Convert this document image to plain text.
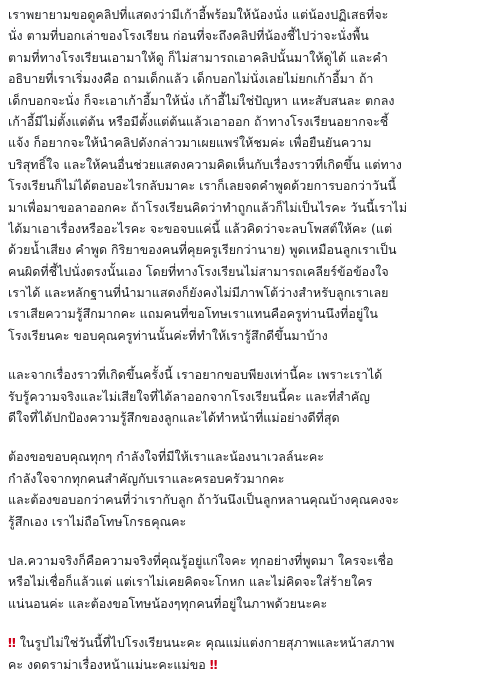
เราพยายามขอดูคลิปที่แสดงว่ามีเก้าอี้พร้อมให้น้องนั่ง แต่น้องปฏิเสธที่จะ
นั่ง ตามที่บอกเล่าของโรงเรียน ก่อนที่จะถึงคลิปที่น้องชี้ไปว่าจะนั่งพื้น
ตามที่ทางโรงเรียนเอามาให้ดู ก็ไม่สามารถเอาคลิปนั้นมาให้ดูได้ และคำ
อธิบายที่เราเริ่มงงคือ ถามเด็กแล้ว เด็กบอกไม่นั่งเลยไม่ยกเก้าอี้มา ถ้า
เด็กบอกจะนั่ง ก็จะเอาเก้าอี้มาให้นั่ง เก้าอี้ไม่ใช่ปัญหา แหะสับสนละ ตกลง
เก้าอี้มีไม่ตั้งแต่ต้น หรือมีตั้งแต่ต้นแล้วเอาออก ถ้าทางโรงเรียนอยากจะชี้
แจ้ง ก็อยากจะให้นำคลิปดังกล่าวมาเผยแพร่ให้ชมค่ะ เพื่อยืนยันความ
บริสุทธิ์ใจ และให้คนอื่นช่วยแสดงความคิดเห็นกับเรื่องราวที่เกิดขึ้น แต่ทาง
โรงเรียนก็ไม่ได้ตอบอะไรกลับมาคะ เราก็เลยจดคำพูดด้วยการบอกว่าวันนี้
มาเพื่อมาขอลาออกคะ ถ้าโรงเรียนคิดว่าทำถูกแล้วก็ไม่เป็นไรคะ วันนี้เราไม่
ได้มาเอาเรื่องหรืออะไรคะ จะขอจบแค่นี้ แล้วคิดว่าจะลบโพสต์ให้คะ (แต่
ด้วยน้ำเสียง คำพูด กิริยาของคนที่คุยครูเรียกว่านาย) พูดเหมือนลูกเราเป็น
คนผิดที่ชี้ไปนั่งตรงนั้นเอง โดยที่ทางโรงเรียนไม่สามารถเคลียร์ข้อข้องใจ
เราได้ และหลักฐานที่นำมาแสดงก็ยังคงไม่มีภาพโต้ว่างสำหรับลูกเราเลย
เราเสียความรู้สึกมากคะ แถมคนที่ขอโทษเราแทนคือครูท่านนึงที่อยู่ใน
โรงเรียนคะ ขอบคุณครูท่านนั้นค่ะที่ทำให้เรารู้สึกดีขึ้นมาบ้าง
และจากเรื่องราวที่เกิดขึ้นครั้งนี้ เราอยากขอบพียงเท่านี้คะ เพราะเราได้
รับรู้ความจริงและไม่เสียใจที่ได้ลาออกจากโรงเรียนนี้คะ และที่สำคัญ
ดีใจที่ได้ปกป้องความรู้สึกของลูกและได้ทำหน้าที่แม่อย่างดีที่สุด
ต้องขอขอบคุณทุกๆ กำลังใจที่มีให้เราและน้องนาเวลล์นะคะ
กำลังใจจากทุกคนสำคัญกับเราและครอบครัวมากคะ
และต้องขอบอกว่าคนที่ว่าเรากับลูก ถ้าวันนึงเป็นลูกหลานคุณบ้างคุณคงจะ
รู้สึกเอง เราไม่ถือโทษโกรธคุณคะ
ปล.ความจริงก็คือความจริงที่คุณรู้อยู่แก่ใจคะ ทุกอย่างที่พูดมา ใครจะเชื่อ
หรือไม่เชื่อก็แล้วแต่ แต่เราไม่เคยคิดจะโกหก และไม่คิดจะใส่ร้ายใคร
แน่นอนค่ะ และต้องขอโทษน้องๆทุกคนที่อยู่ในภาพด้วยนะคะ
‼ ในรูปไม่ใช่วันนี้ที่ไปโรงเรียนนะคะ คุณแม่แต่งกายสุภาพและหน้าสภาพ
คะ งดดราม่าเรื่องหน้าแม่นะคะแม่ขอ ‼
